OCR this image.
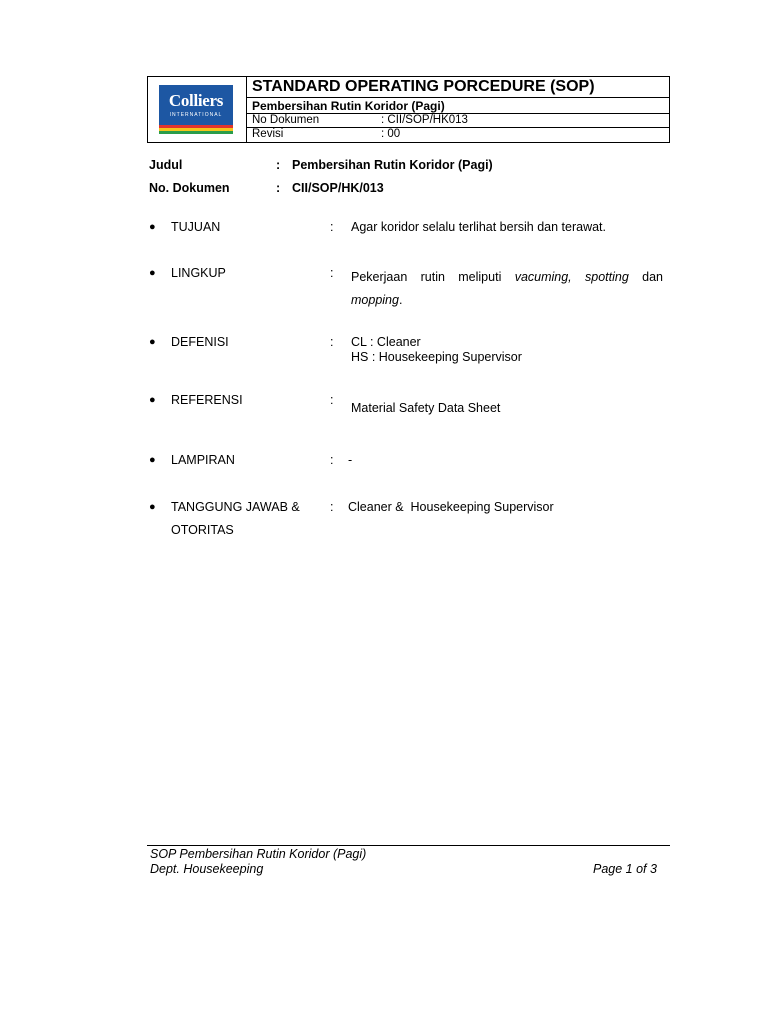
Colliers
INTERNATIONAL
STANDARD OPERATING PORCEDURE (SOP)
Pembersihan Rutin Koridor (Pagi)
No Dokumen	: CII/SOP/HK013
Revisi	: 00
Judul	: Pembersihan Rutin Koridor (Pagi)
No. Dokumen	: CII/SOP/HK/013
● TUJUAN	: Agar koridor selalu terlihat bersih dan terawat.
● LINGKUP	: Pekerjaan rutin meliputi vacuming, spotting dan
mopping.
● DEFENISI	: CL : Cleaner
HS : Housekeeping Supervisor
● REFERENSI	:
Material Safety Data Sheet
● LAMPIRAN	: -
● TANGGUNG JAWAB &
OTORITAS
: Cleaner &  Housekeeping Supervisor
SOP Pembersihan Rutin Koridor (Pagi)
Dept. Housekeeping	Page 1 of 3
